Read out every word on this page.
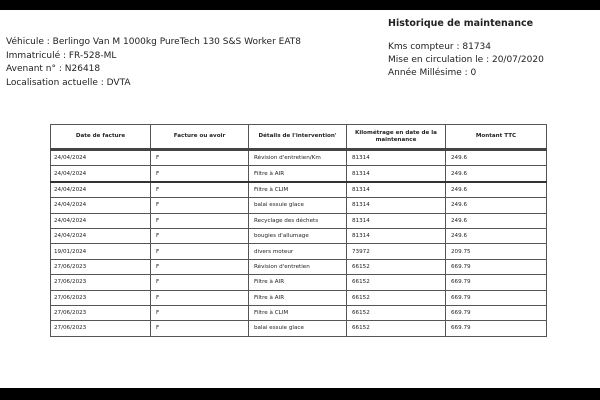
Véhicule : Berlingo Van M 1000kg PureTech 130 S&S Worker EAT8
Immatriculé : FR-528-ML
Avenant n° : N26418
Localisation actuelle : DVTA
Historique de maintenance
Kms compteur : 81734
Mise en circulation le : 20/07/2020
Année Millésime : 0
Date de facture	Facture ou avoir	Détails de l'intervention'	Kilométrage en date de la maintenance	Montant TTC
24/04/2024	F	Révision d'entretien/Km	81314	249.6
24/04/2024	F	Filtre à AIR	81314	249.6
24/04/2024	F	Filtre à CLIM	81314	249.6
24/04/2024	F	balai essuie glace	81314	249.6
24/04/2024	F	Recyclage des déchets	81314	249.6
24/04/2024	F	bougies d'allumage	81314	249.6
19/01/2024	F	divers moteur	73972	209.75
27/06/2023	F	Révision d'entretien	66152	669.79
27/06/2023	F	Filtre à AIR	66152	669.79
27/06/2023	F	Filtre à AIR	66152	669.79
27/06/2023	F	Filtre à CLIM	66152	669.79
27/06/2023	F	balai essuie glace	66152	669.79
